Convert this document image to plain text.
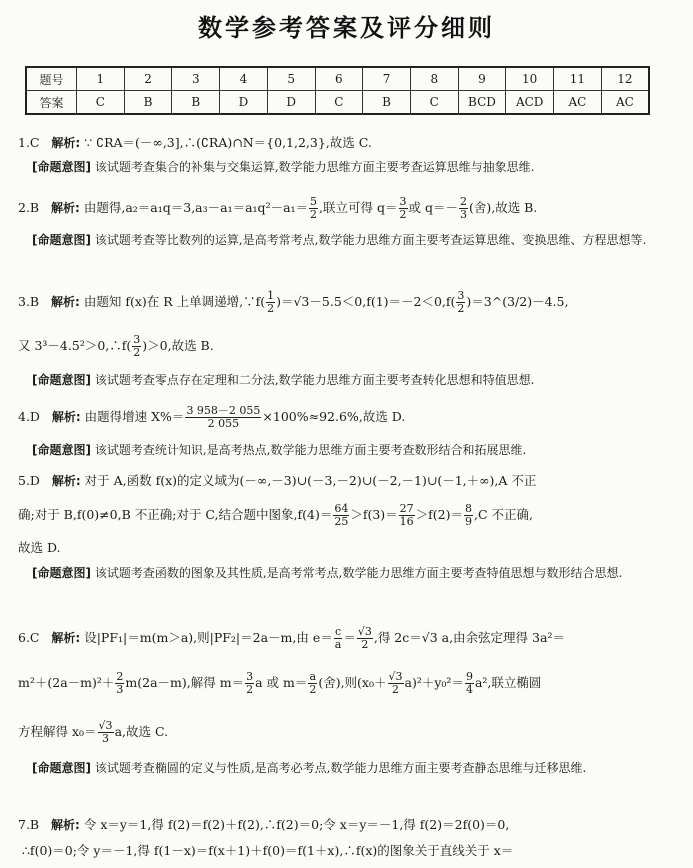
数学参考答案及评分细则
题号	1	2	3	4	5	6	7	8	9	10	11	12
答案	C	B	B	D	D	C	B	C	BCD	ACD	AC	AC
1.C 解析: ∵ ∁RA＝(－∞,3],∴(∁RA)∩N＝{0,1,2,3},故选 C.
[命题意图] 该试题考查集合的补集与交集运算,数学能力思维方面主要考查运算思维与抽象思维.
2.B 解析: 由题得$,a_2=a_1q=3,a_3-a_1=a_1q^2-a_1= \frac{5}{2}$ ,联立可得 $q= \frac{3}{2}$ 或 $q=- \frac{2}{3}$ (舍),故选 B.
[命题意图] 该试题考查等比数列的运算,是高考常考点,数学能力思维方面主要考查运算思维、变换思维、方程思想等.
3.B 解析: 由题知 f(x)在 R 上单调递增,∵f( $\frac{1}{2} )=√3-5.5<0,f(1)=-2<0,f( \frac{3}{2}$ )＝3^(3/2)－4.5,
又 3³－4.5²＞0,∴f( $\frac{3}{2} )>0$,故选 B.
[命题意图] 该试题考查零点存在定理和二分法,数学能力思维方面主要考查转化思想和特值思想.
4.D 解析: 由题得增速 $X\%= \frac{3 958-2 055}{2 055} \times 100\%\approx 92.6\%$,故选 D.
[命题意图] 该试题考查统计知识,是高考热点,数学能力思维方面主要考查数形结合和拓展思维.
5.D 解析: 对于 A,函数 f(x)的定义域为(－∞,－3)∪(－3,－2)∪(－2,－1)∪(－1,＋∞),A 不正
确;对于 B,f(0)≠0,B 不正确;对于 C,结合题中图象$,f(4)= \frac{64}{25} >f(3)= \frac{27}{16} >f(2)= \frac{8}{9} ,C$ 不正确,
故选 D.
[命题意图] 该试题考查函数的图象及其性质,是高考常考点,数学能力思维方面主要考查特值思想与数形结合思想.
6.C 解析: 设|PF₁|＝m(m＞a),则|PF₂|＝2a－m,由 $e= \frac{c}{a} = \frac{√3}{2}$ ,得 2c＝√3 a,由余弦定理得 3a²＝
$m^2+(2a-m)^2+ \frac{2}{3} m(2a-m)$,解得 $m= \frac{3}{2}$ a 或 $m= \frac{a}{2}$ (舍),则$(x_0+ \frac{√3}{2} a)^2+y_0^2= \frac{9}{4} a^2$,联立椭圆
方程解得 $x_0= \frac{√3}{3} a$,故选 C.
[命题意图] 该试题考查椭圆的定义与性质,是高考必考点,数学能力思维方面主要考查静态思维与迁移思维.
7.B 解析: 令 x＝y＝1,得 f(2)＝f(2)＋f(2),∴f(2)＝0;令 x＝y＝－1,得 f(2)＝2f(0)＝0,
∴f(0)＝0;令 y＝－1,得 f(1－x)＝f(x＋1)＋f(0)＝f(1＋x),∴f(x)的图象关于直线关于 x＝
